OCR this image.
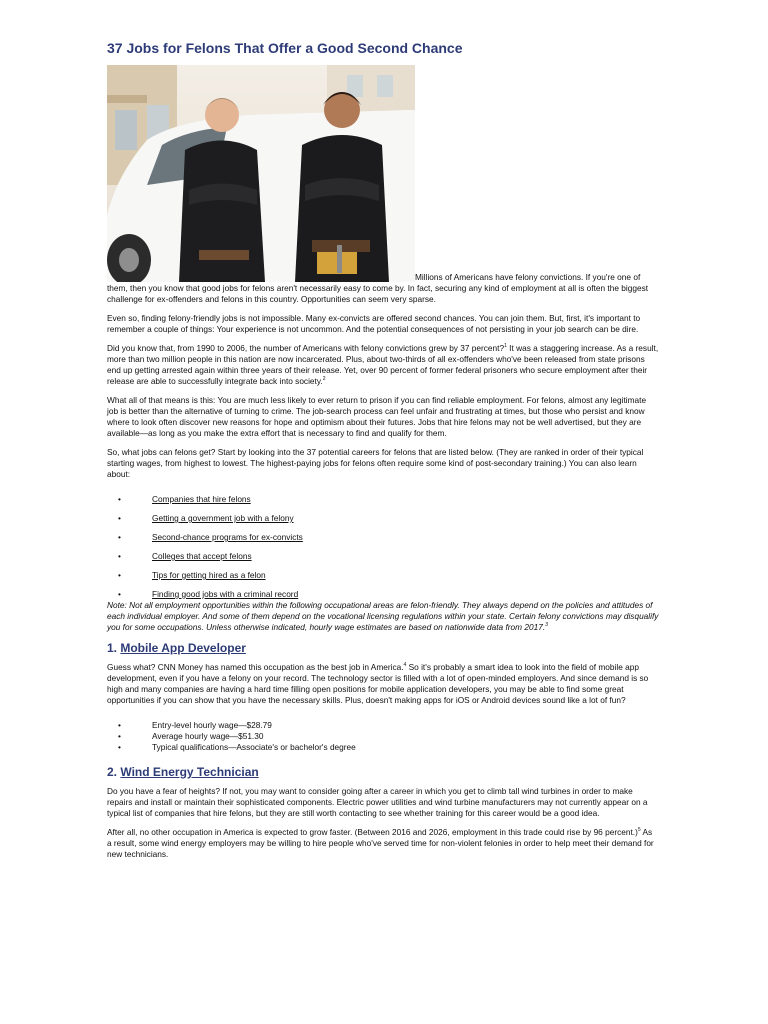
37 Jobs for Felons That Offer a Good Second Chance

Millions of Americans have felony convictions. If you're one of them, then you know that good jobs for felons aren't necessarily easy to come by. In fact, securing any kind of employment at all is often the biggest challenge for ex-offenders and felons in this country. Opportunities can seem very sparse.

Even so, finding felony-friendly jobs is not impossible. Many ex-convicts are offered second chances. You can join them. But, first, it's important to remember a couple of things: Your experience is not uncommon. And the potential consequences of not persisting in your job search can be dire.

Did you know that, from 1990 to 2006, the number of Americans with felony convictions grew by 37 percent?$^1$ It was a staggering increase. As a result, more than two million people in this nation are now incarcerated. Plus, about two-thirds of all ex-offenders who've been released from state prisons end up getting arrested again within three years of their release. Yet, over 90 percent of former federal prisoners who secure employment after their release are able to successfully integrate back into society.$^2$

What all of that means is this: You are much less likely to ever return to prison if you can find reliable employment. For felons, almost any legitimate job is better than the alternative of turning to crime. The job-search process can feel unfair and frustrating at times, but those who persist and know where to look often discover new reasons for hope and optimism about their futures. Jobs that hire felons may not be well advertised, but they are available—as long as you make the extra effort that is necessary to find and qualify for them.

So, what jobs can felons get? Start by looking into the 37 potential careers for felons that are listed below. (They are ranked in order of their typical starting wages, from highest to lowest. The highest-paying jobs for felons often require some kind of post-secondary training.) You can also learn about:

• Companies that hire felons
• Getting a government job with a felony
• Second-chance programs for ex-convicts
• Colleges that accept felons
• Tips for getting hired as a felon
• Finding good jobs with a criminal record

Note: Not all employment opportunities within the following occupational areas are felon-friendly. They always depend on the policies and attitudes of each individual employer. And some of them depend on the vocational licensing regulations within your state. Certain felony convictions may disqualify you for some occupations. Unless otherwise indicated, hourly wage estimates are based on nationwide data from 2017.$^3$

1. Mobile App Developer

Guess what? CNN Money has named this occupation as the best job in America.$^4$ So it's probably a smart idea to look into the field of mobile app development, even if you have a felony on your record. The technology sector is filled with a lot of open-minded employers. And since demand is so high and many companies are having a hard time filling open positions for mobile application developers, you may be able to find some great opportunities if you can show that you have the necessary skills. Plus, doesn't making apps for iOS or Android devices sound like a lot of fun?

• Entry-level hourly wage—$28.79
• Average hourly wage—$51.30
• Typical qualifications—Associate's or bachelor's degree
2. Wind Energy Technician

Do you have a fear of heights? If not, you may want to consider going after a career in which you get to climb tall wind turbines in order to make repairs and install or maintain their sophisticated components. Electric power utilities and wind turbine manufacturers may not currently appear on a typical list of companies that hire felons, but they are still worth contacting to see whether training for this career would be a good idea.

After all, no other occupation in America is expected to grow faster. (Between 2016 and 2026, employment in this trade could rise by 96 percent.)$^5$ As a result, some wind energy employers may be willing to hire people who've served time for non-violent felonies in order to help meet their demand for new technicians.
